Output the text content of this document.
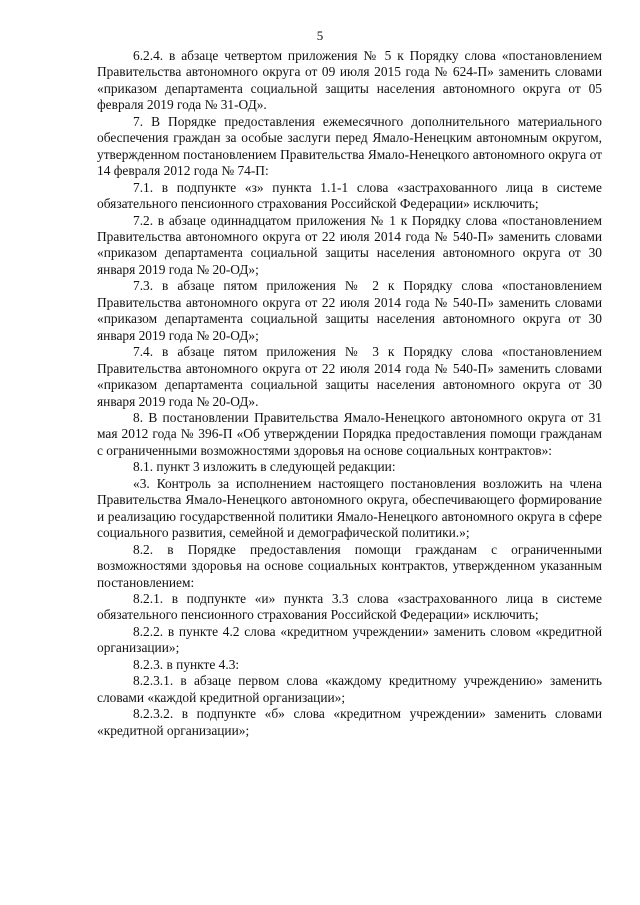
5

6.2.4. в абзаце четвертом приложения № 5 к Порядку слова «постановлением Правительства автономного округа от 09 июля 2015 года № 624-П» заменить словами «приказом департамента социальной защиты населения автономного округа от 05 февраля 2019 года № 31-ОД».

7. В Порядке предоставления ежемесячного дополнительного материального обеспечения граждан за особые заслуги перед Ямало-Ненецким автономным округом, утвержденном постановлением Правительства Ямало-Ненецкого автономного округа от 14 февраля 2012 года № 74-П:

7.1. в подпункте «з» пункта 1.1-1 слова «застрахованного лица в системе обязательного пенсионного страхования Российской Федерации» исключить;

7.2. в абзаце одиннадцатом приложения № 1 к Порядку слова «постановлением Правительства автономного округа от 22 июля 2014 года № 540-П» заменить словами «приказом департамента социальной защиты населения автономного округа от 30 января 2019 года № 20-ОД»;

7.3. в абзаце пятом приложения № 2 к Порядку слова «постановлением Правительства автономного округа от 22 июля 2014 года № 540-П» заменить словами «приказом департамента социальной защиты населения автономного округа от 30 января 2019 года № 20-ОД»;

7.4. в абзаце пятом приложения № 3 к Порядку слова «постановлением Правительства автономного округа от 22 июля 2014 года № 540-П» заменить словами «приказом департамента социальной защиты населения автономного округа от 30 января 2019 года № 20-ОД».

8. В постановлении Правительства Ямало-Ненецкого автономного округа от 31 мая 2012 года № 396-П «Об утверждении Порядка предоставления помощи гражданам с ограниченными возможностями здоровья на основе социальных контрактов»:

8.1. пункт 3 изложить в следующей редакции:

«3. Контроль за исполнением настоящего постановления возложить на члена Правительства Ямало-Ненецкого автономного округа, обеспечивающего формирование и реализацию государственной политики Ямало-Ненецкого автономного округа в сфере социального развития, семейной и демографической политики.»;

8.2. в Порядке предоставления помощи гражданам с ограниченными возможностями здоровья на основе социальных контрактов, утвержденном указанным постановлением:

8.2.1. в подпункте «и» пункта 3.3 слова «застрахованного лица в системе обязательного пенсионного страхования Российской Федерации» исключить;

8.2.2. в пункте 4.2 слова «кредитном учреждении» заменить словом «кредитной организации»;

8.2.3. в пункте 4.3:

8.2.3.1. в абзаце первом слова «каждому кредитному учреждению» заменить словами «каждой кредитной организации»;

8.2.3.2. в подпункте «б» слова «кредитном учреждении» заменить словами «кредитной организации»;
